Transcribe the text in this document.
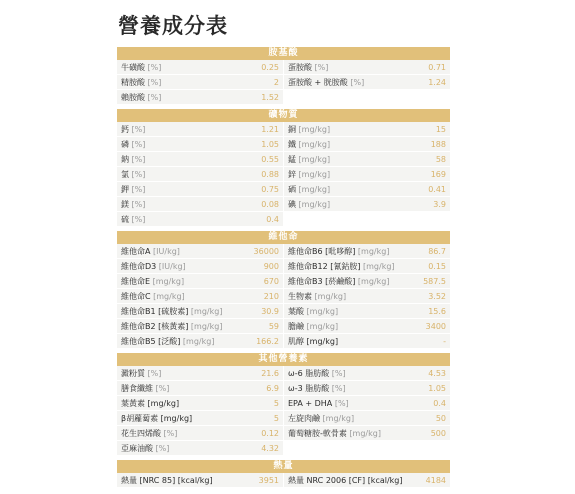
營養成分表
胺基酸
牛磺酸 [%]	0.25 蛋胺酸 [%]	0.71
精胺酸 [%]	2 蛋胺酸 + 胱胺酸 [%]	1.24
賴胺酸 [%]	1.52
礦物質
鈣 [%]	1.21 銅 [mg/kg]	15
磷 [%]	1.05 鐵 [mg/kg]	188
鈉 [%]	0.55 錳 [mg/kg]	58
氯 [%]	0.88 鋅 [mg/kg]	169
鉀 [%]	0.75 硒 [mg/kg]	0.41
鎂 [%]	0.08 碘 [mg/kg]	3.9
硫 [%]	0.4
維他命
維他命A [IU/kg]	36000 維他命B6 [吡哆醇] [mg/kg]	86.7
維他命D3 [IU/kg]	900 維他命B12 [氰鈷胺] [mg/kg]	0.15
維他命E [mg/kg]	670 維他命B3 [菸鹼酸] [mg/kg]	587.5
維他命C [mg/kg]	210 生物素 [mg/kg]	3.52
維他命B1 [硫胺素] [mg/kg]	30.9 葉酸 [mg/kg]	15.6
維他命B2 [核黃素] [mg/kg]	59 膽鹼 [mg/kg]	3400
維他命B5 [泛酸] [mg/kg]	166.2 肌醇 [mg/kg]	-
其他營養素
澱粉質 [%]	21.6 ω-6 脂肪酸 [%]	4.53
膳食纖維 [%]	6.9 ω-3 脂肪酸 [%]	1.05
葉黃素 [mg/kg]	5 EPA + DHA [%]	0.4
β胡蘿蔔素 [mg/kg]	5 左旋肉鹼 [mg/kg]	50
花生四烯酸 [%]	0.12 葡萄糖胺-軟骨素 [mg/kg]	500
亞麻油酸 [%]	4.32
熱量
熱量 [NRC 85] [kcal/kg]	3951 熱量 NRC 2006 [CF] [kcal/kg]	4184
